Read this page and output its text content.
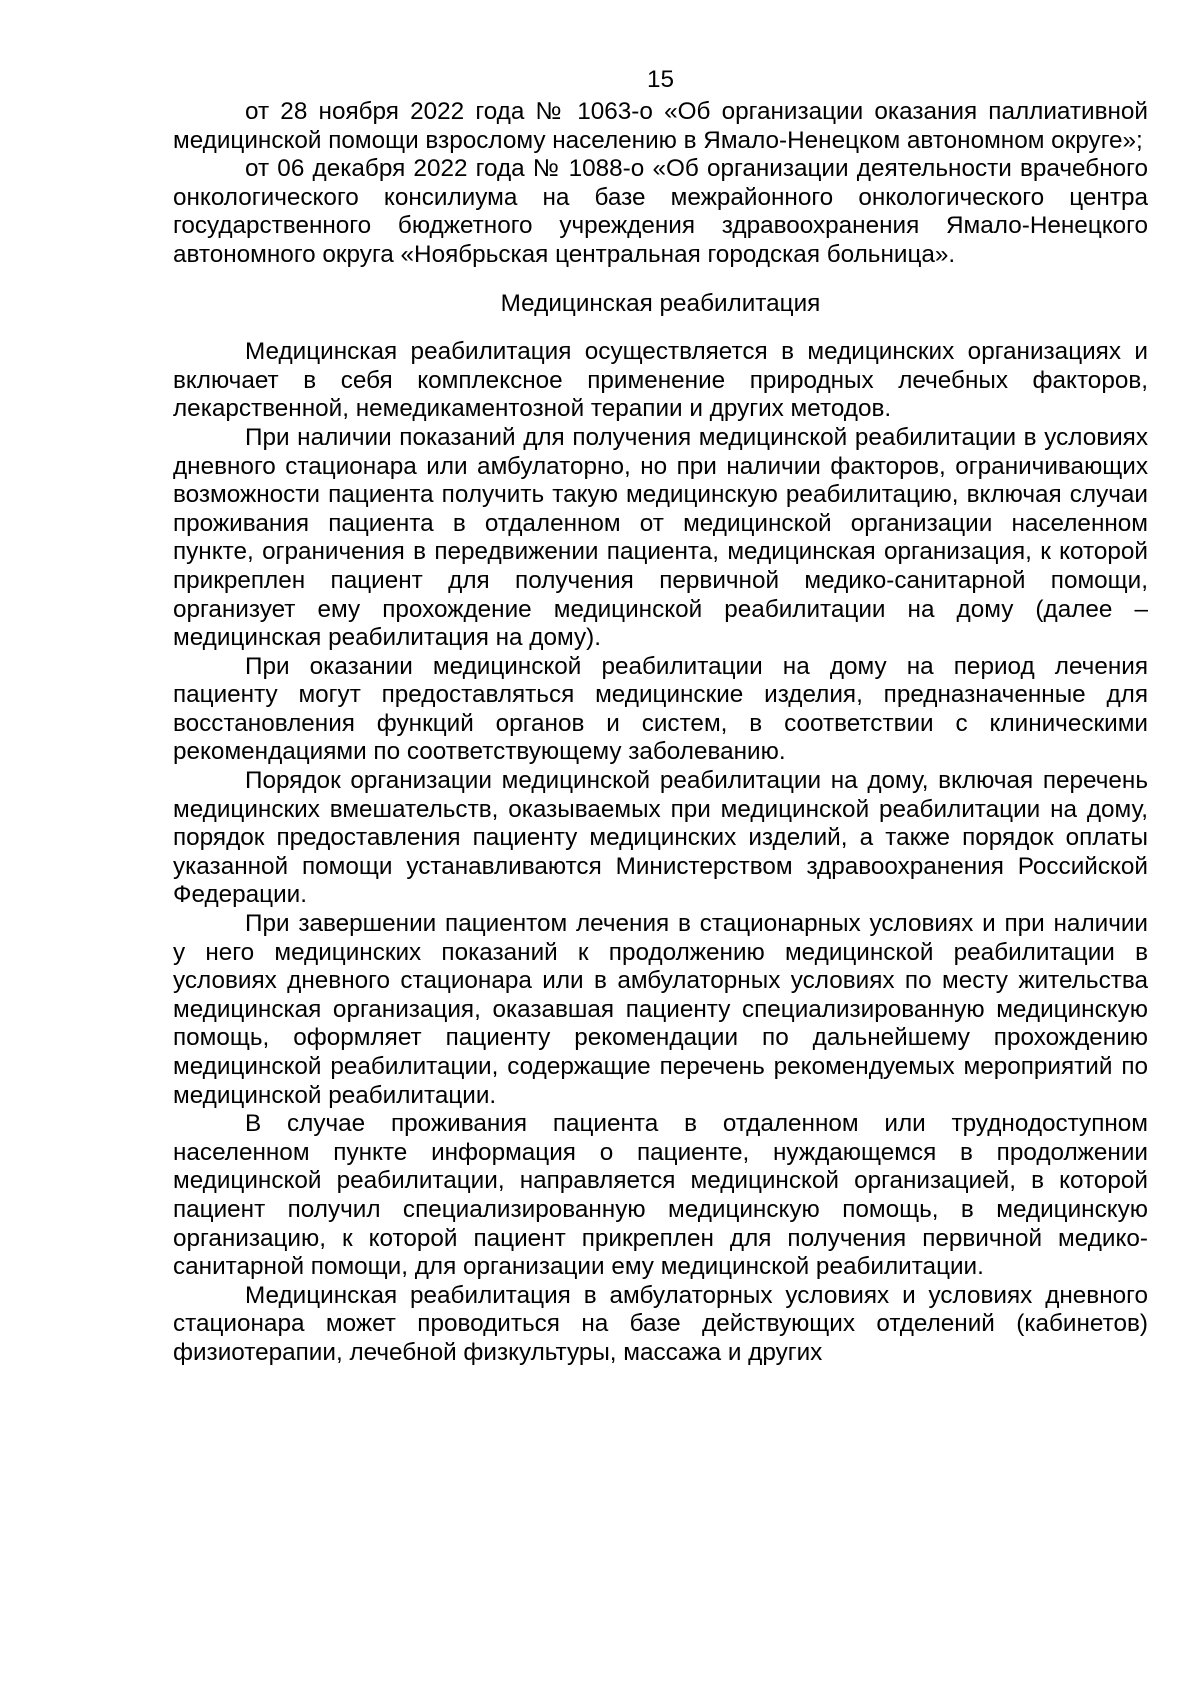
15

от 28 ноября 2022 года № 1063-о «Об организации оказания паллиативной медицинской помощи взрослому населению в Ямало-Ненецком автономном округе»;

от 06 декабря 2022 года № 1088-о «Об организации деятельности врачебного онкологического консилиума на базе межрайонного онкологического центра государственного бюджетного учреждения здравоохранения Ямало-Ненецкого автономного округа «Ноябрьская центральная городская больница».

Медицинская реабилитация

Медицинская реабилитация осуществляется в медицинских организациях и включает в себя комплексное применение природных лечебных факторов, лекарственной, немедикаментозной терапии и других методов.

При наличии показаний для получения медицинской реабилитации в условиях дневного стационара или амбулаторно, но при наличии факторов, ограничивающих возможности пациента получить такую медицинскую реабилитацию, включая случаи проживания пациента в отдаленном от медицинской организации населенном пункте, ограничения в передвижении пациента, медицинская организация, к которой прикреплен пациент для получения первичной медико-санитарной помощи, организует ему прохождение медицинской реабилитации на дому (далее – медицинская реабилитация на дому).

При оказании медицинской реабилитации на дому на период лечения пациенту могут предоставляться медицинские изделия, предназначенные для восстановления функций органов и систем, в соответствии с клиническими рекомендациями по соответствующему заболеванию.

Порядок организации медицинской реабилитации на дому, включая перечень медицинских вмешательств, оказываемых при медицинской реабилитации на дому, порядок предоставления пациенту медицинских изделий, а также порядок оплаты указанной помощи устанавливаются Министерством здравоохранения Российской Федерации.

При завершении пациентом лечения в стационарных условиях и при наличии у него медицинских показаний к продолжению медицинской реабилитации в условиях дневного стационара или в амбулаторных условиях по месту жительства медицинская организация, оказавшая пациенту специализированную медицинскую помощь, оформляет пациенту рекомендации по дальнейшему прохождению медицинской реабилитации, содержащие перечень рекомендуемых мероприятий по медицинской реабилитации.

В случае проживания пациента в отдаленном или труднодоступном населенном пункте информация о пациенте, нуждающемся в продолжении медицинской реабилитации, направляется медицинской организацией, в которой пациент получил специализированную медицинскую помощь, в медицинскую организацию, к которой пациент прикреплен для получения первичной медико-санитарной помощи, для организации ему медицинской реабилитации.

Медицинская реабилитация в амбулаторных условиях и условиях дневного стационара может проводиться на базе действующих отделений (кабинетов) физиотерапии, лечебной физкультуры, массажа и других
